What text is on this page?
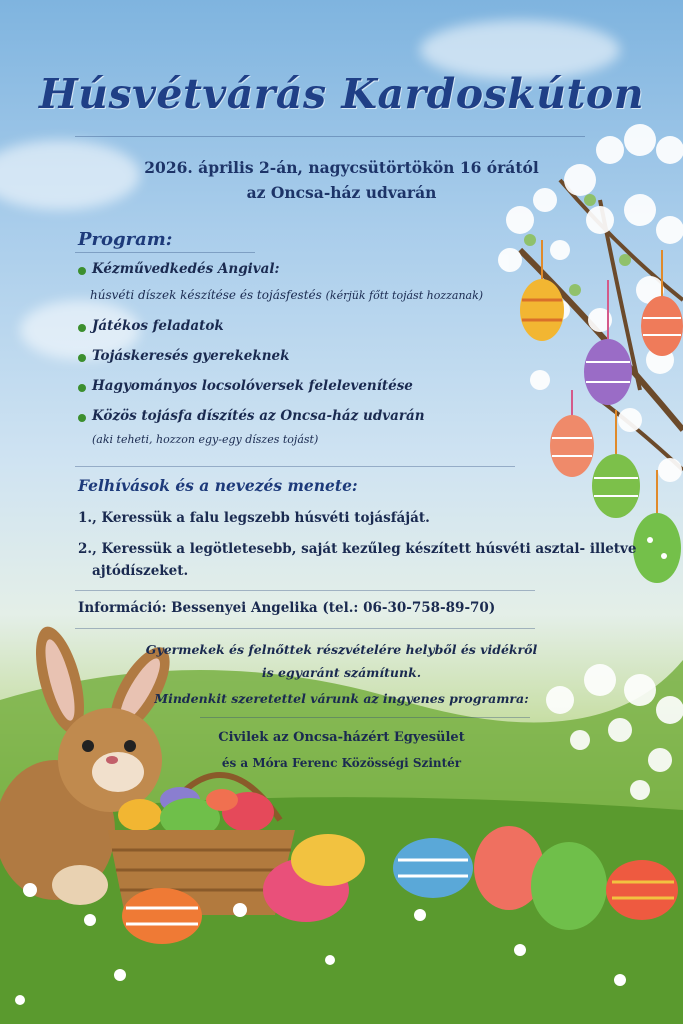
Húsvétvárás Kardoskúton
2026. április 2-án, nagycsütörtökön 16 órától
az Oncsa-ház udvarán
Program:
Kézművedkedés Angival:
húsvéti díszek készítése és tojásfestés (kérjük főtt tojást hozzanak)
Játékos feladatok
Tojáskeresés gyerekeknek
Hagyományos locsolóversek felelevenítése
Közös tojásfa díszítés az Oncsa-ház udvarán
(aki teheti, hozzon egy-egy díszes tojást)
Felhívások és a nevezés menete:
1., Keressük a falu legszebb húsvéti tojásfáját.
2., Keressük a legötletesebb, saját kezűleg készített húsvéti asztal- illetve
ajtódíszeket.
Információ: Bessenyei Angelika (tel.: 06-30-758-89-70)
Gyermekek és felnőttek részvételére helyből és vidékről
is egyaránt számítunk.
Mindenkit szeretettel várunk az ingyenes programra:
Civilek az Oncsa-házért Egyesület
és a Móra Ferenc Közösségi Szintér
